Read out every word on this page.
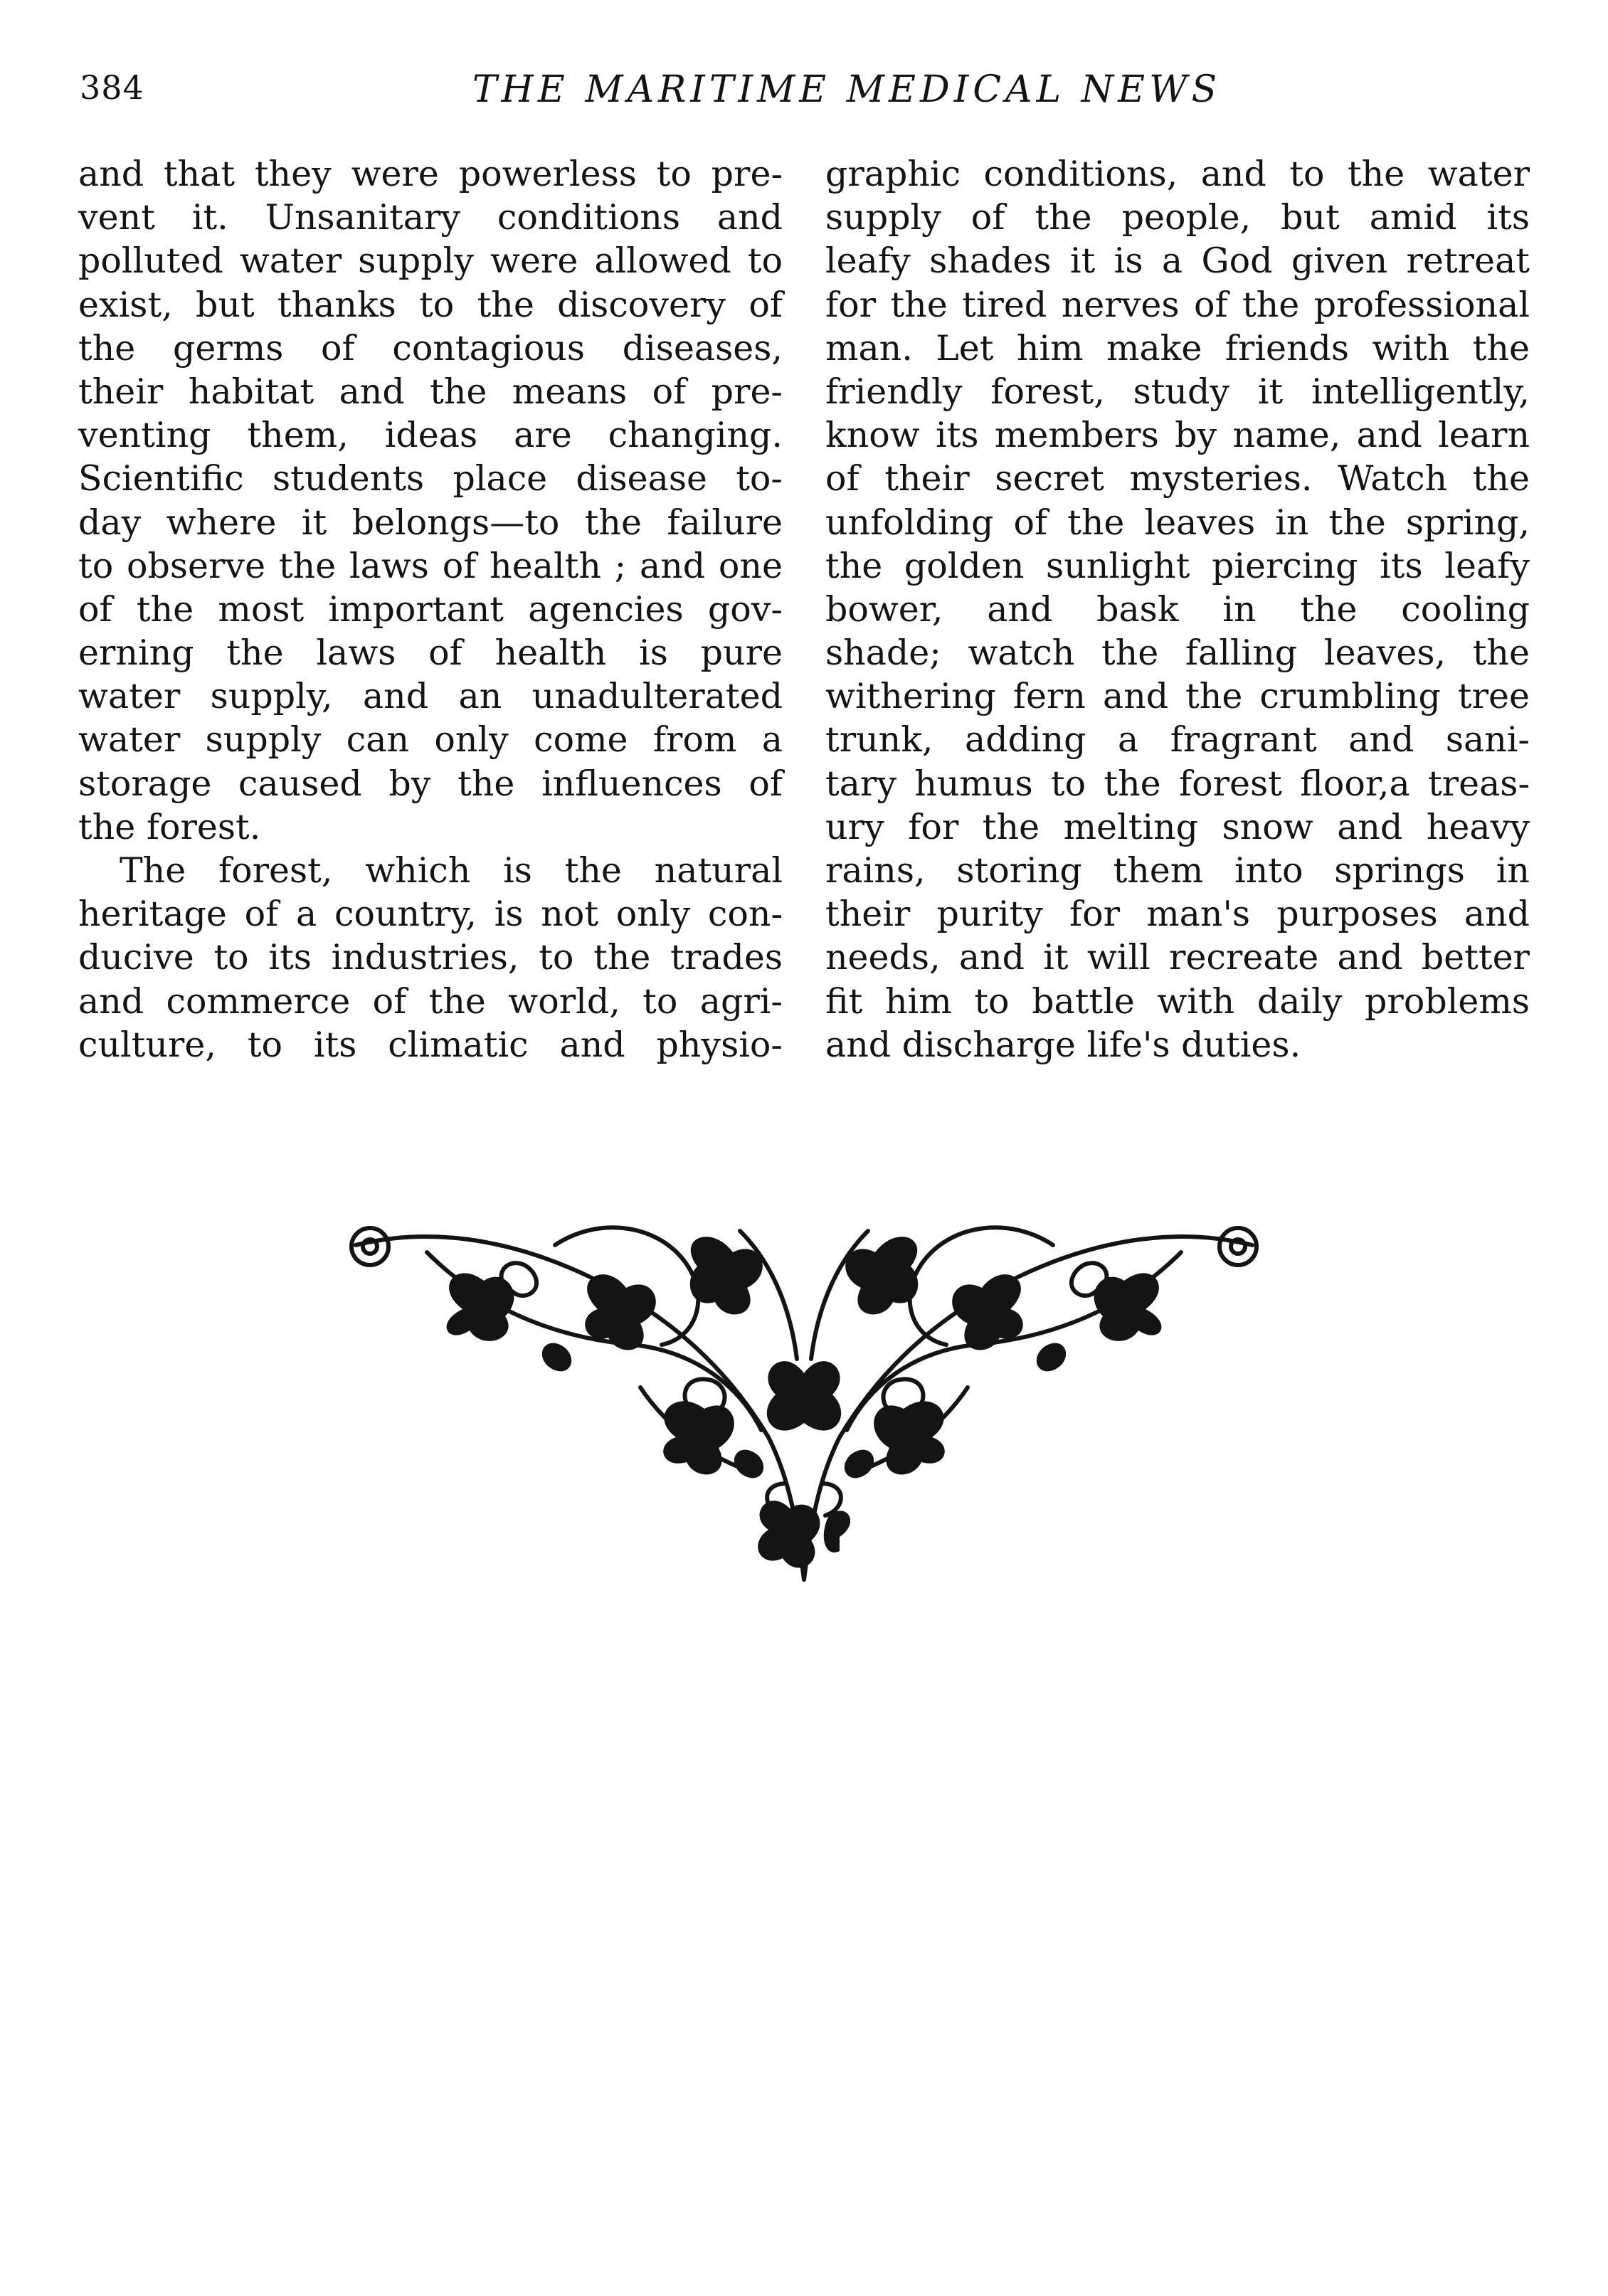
384	THE MARITIME MEDICAL NEWS
and that they were powerless to pre-
vent it. Unsanitary conditions and
polluted water supply were allowed to
exist, but thanks to the discovery of
the germs of contagious diseases,
their habitat and the means of pre-
venting them, ideas are changing.
Scientific students place disease to-
day where it belongs—to the failure
to observe the laws of health ; and one
of the most important agencies gov-
erning the laws of health is pure
water supply, and an unadulterated
water supply can only come from a
storage caused by the influences of
the forest.
The forest, which is the natural
heritage of a country, is not only con-
ducive to its industries, to the trades
and commerce of the world, to agri-
culture, to its climatic and physio-
graphic conditions, and to the water
supply of the people, but amid its
leafy shades it is a God given retreat
for the tired nerves of the professional
man. Let him make friends with the
friendly forest, study it intelligently,
know its members by name, and learn
of their secret mysteries. Watch the
unfolding of the leaves in the spring,
the golden sunlight piercing its leafy
bower, and bask in the cooling
shade; watch the falling leaves, the
withering fern and the crumbling tree
trunk, adding a fragrant and sani-
tary humus to the forest floor,a treas-
ury for the melting snow and heavy
rains, storing them into springs in
their purity for man's purposes and
needs, and it will recreate and better
fit him to battle with daily problems
and discharge life's duties.
